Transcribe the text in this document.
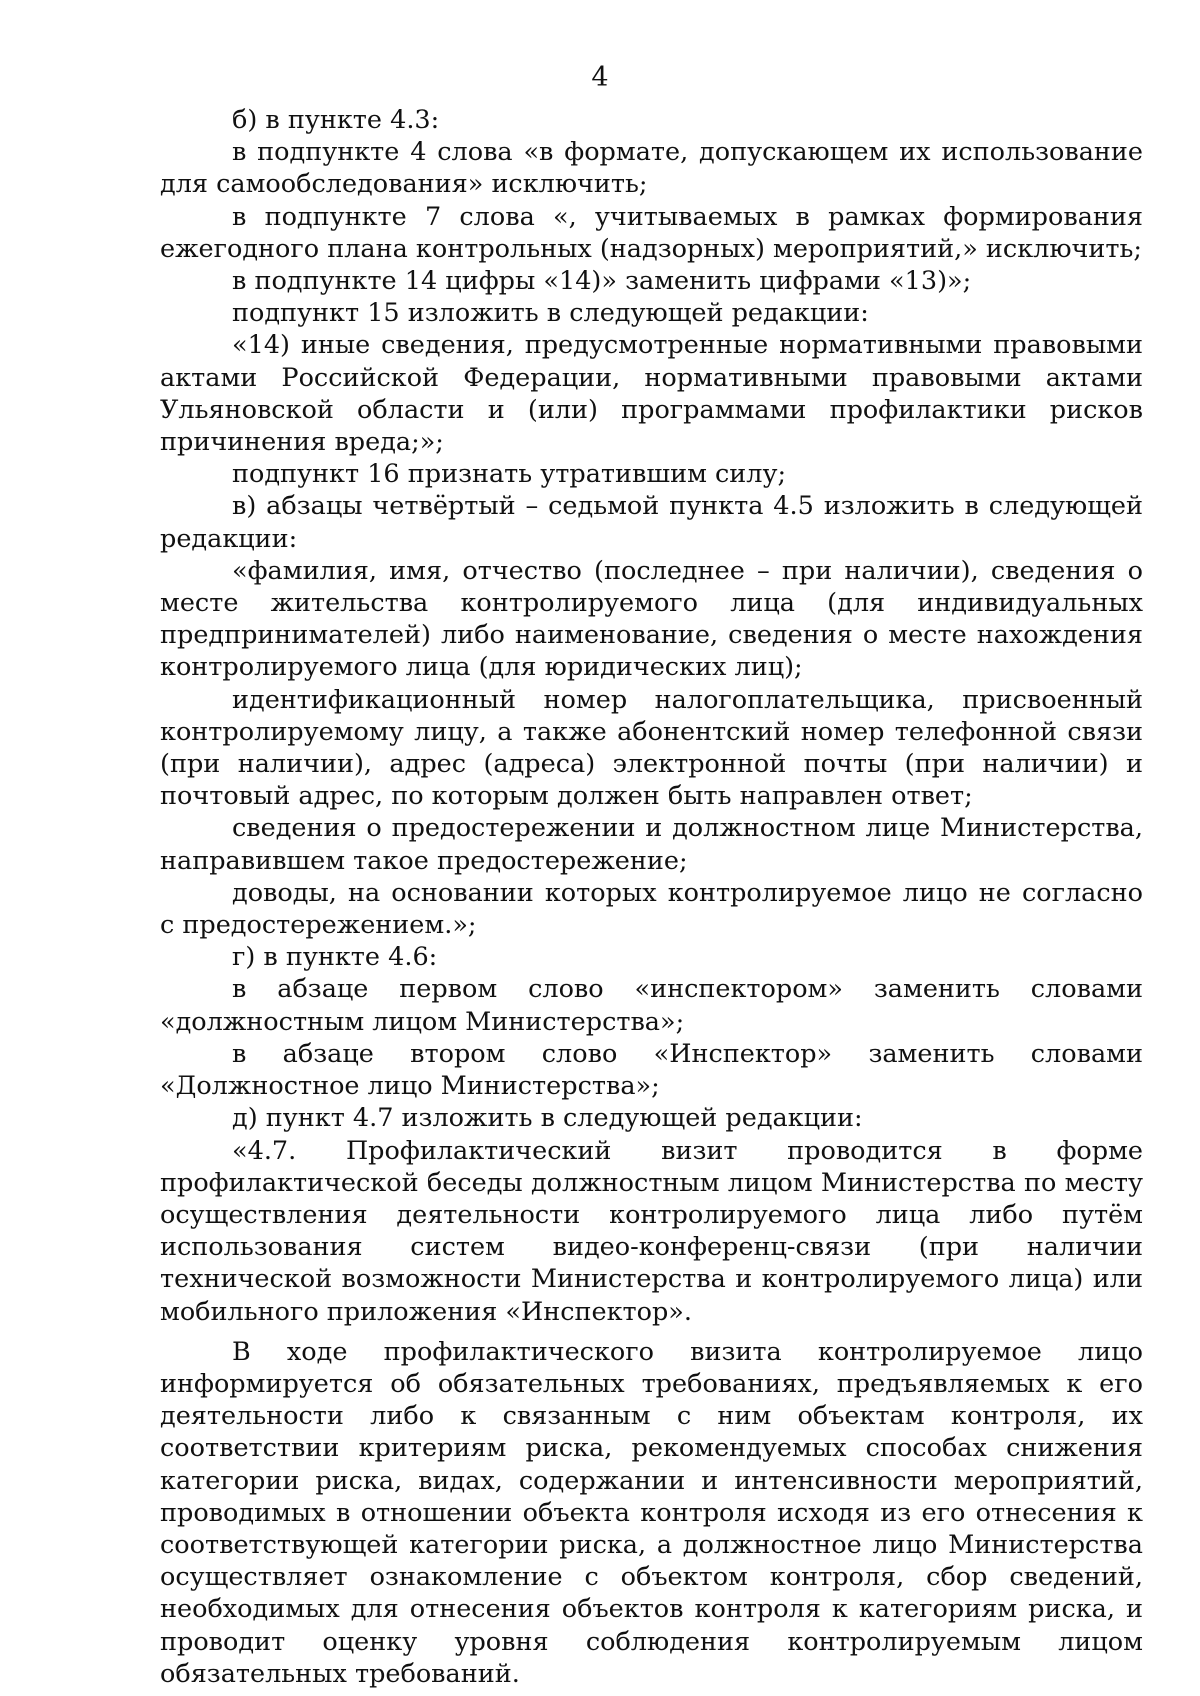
4

б) в пункте 4.3:

в подпункте 4 слова «в формате, допускающем их использование для самообследования» исключить;

в подпункте 7 слова «, учитываемых в рамках формирования ежегодного плана контрольных (надзорных) мероприятий,» исключить;

в подпункте 14 цифры «14)» заменить цифрами «13)»;

подпункт 15 изложить в следующей редакции:

«14) иные сведения, предусмотренные нормативными правовыми актами Российской Федерации, нормативными правовыми актами Ульяновской области и (или) программами профилактики рисков причинения вреда;»;

подпункт 16 признать утратившим силу;

в) абзацы четвёртый – седьмой пункта 4.5 изложить в следующей редакции:

«фамилия, имя, отчество (последнее – при наличии), сведения о месте жительства контролируемого лица (для индивидуальных предпринимателей) либо наименование, сведения о месте нахождения контролируемого лица (для юридических лиц);

идентификационный номер налогоплательщика, присвоенный контролируемому лицу, а также абонентский номер телефонной связи (при наличии), адрес (адреса) электронной почты (при наличии) и почтовый адрес, по которым должен быть направлен ответ;

сведения о предостережении и должностном лице Министерства, направившем такое предостережение;

доводы, на основании которых контролируемое лицо не согласно с предостережением.»;

г) в пункте 4.6:

в абзаце первом слово «инспектором» заменить словами «должностным лицом Министерства»;

в абзаце втором слово «Инспектор» заменить словами «Должностное лицо Министерства»;

д) пункт 4.7 изложить в следующей редакции:

«4.7. Профилактический визит проводится в форме профилактической беседы должностным лицом Министерства по месту осуществления деятельности контролируемого лица либо путём использования систем видео-конференц-связи (при наличии технической возможности Министерства и контролируемого лица) или мобильного приложения «Инспектор».

В ходе профилактического визита контролируемое лицо информируется об обязательных требованиях, предъявляемых к его деятельности либо к связанным с ним объектам контроля, их соответствии критериям риска, рекомендуемых способах снижения категории риска, видах, содержании и интенсивности мероприятий, проводимых в отношении объекта контроля исходя из его отнесения к соответствующей категории риска, а должностное лицо Министерства осуществляет ознакомление с объектом контроля, сбор сведений, необходимых для отнесения объектов контроля к категориям риска, и проводит оценку уровня соблюдения контролируемым лицом обязательных требований.
